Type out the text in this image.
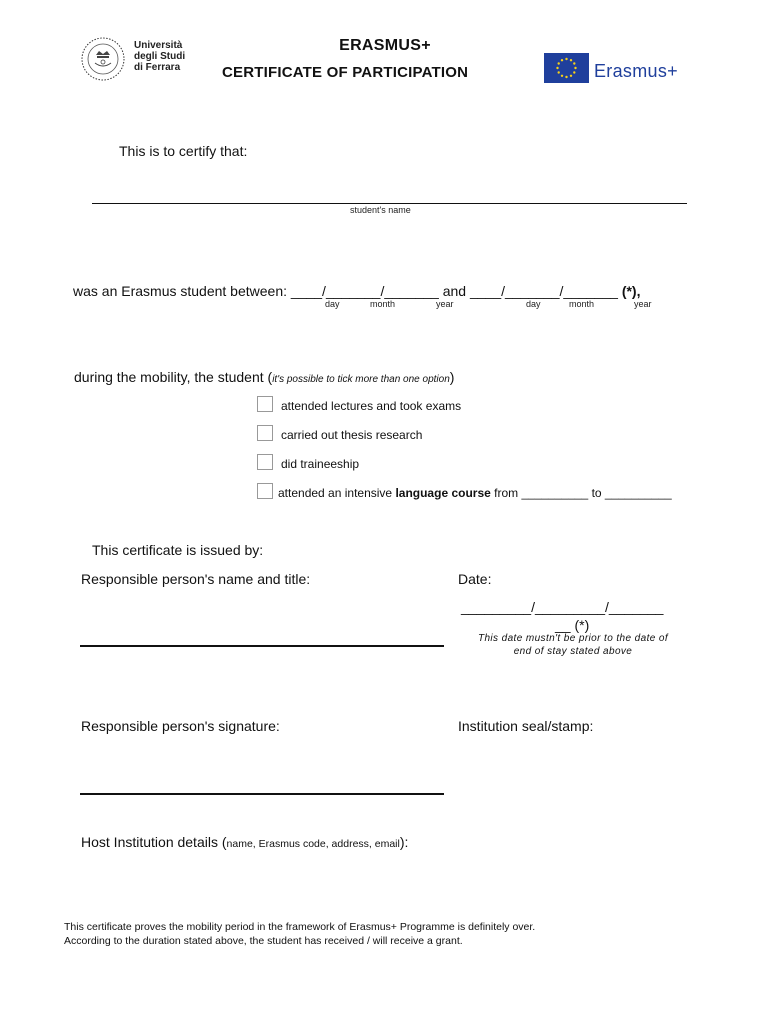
Università
degli Studi
di Ferrara
ERASMUS+
CERTIFICATE OF PARTICIPATION	Erasmus+
This is to certify that:
student's name
was an Erasmus student between: ____/_______/_______ and ____/_______/_______ (*),
day	month	year	day	month	year
during the mobility, the student (it's possible to tick more than one option)
attended lectures and took exams
carried out thesis research
did traineeship
attended an intensive language course from __________ to __________
This certificate is issued by:
Responsible person's name and title:	Date:
_________/_________/_______
__ (*)
This date mustn't be prior to the date of
end of stay stated above
Responsible person's signature:	Institution seal/stamp:
Host Institution details (name, Erasmus code, address, email):
This certificate proves the mobility period in the framework of Erasmus+ Programme is definitely over.
According to the duration stated above, the student has received / will receive a grant.
